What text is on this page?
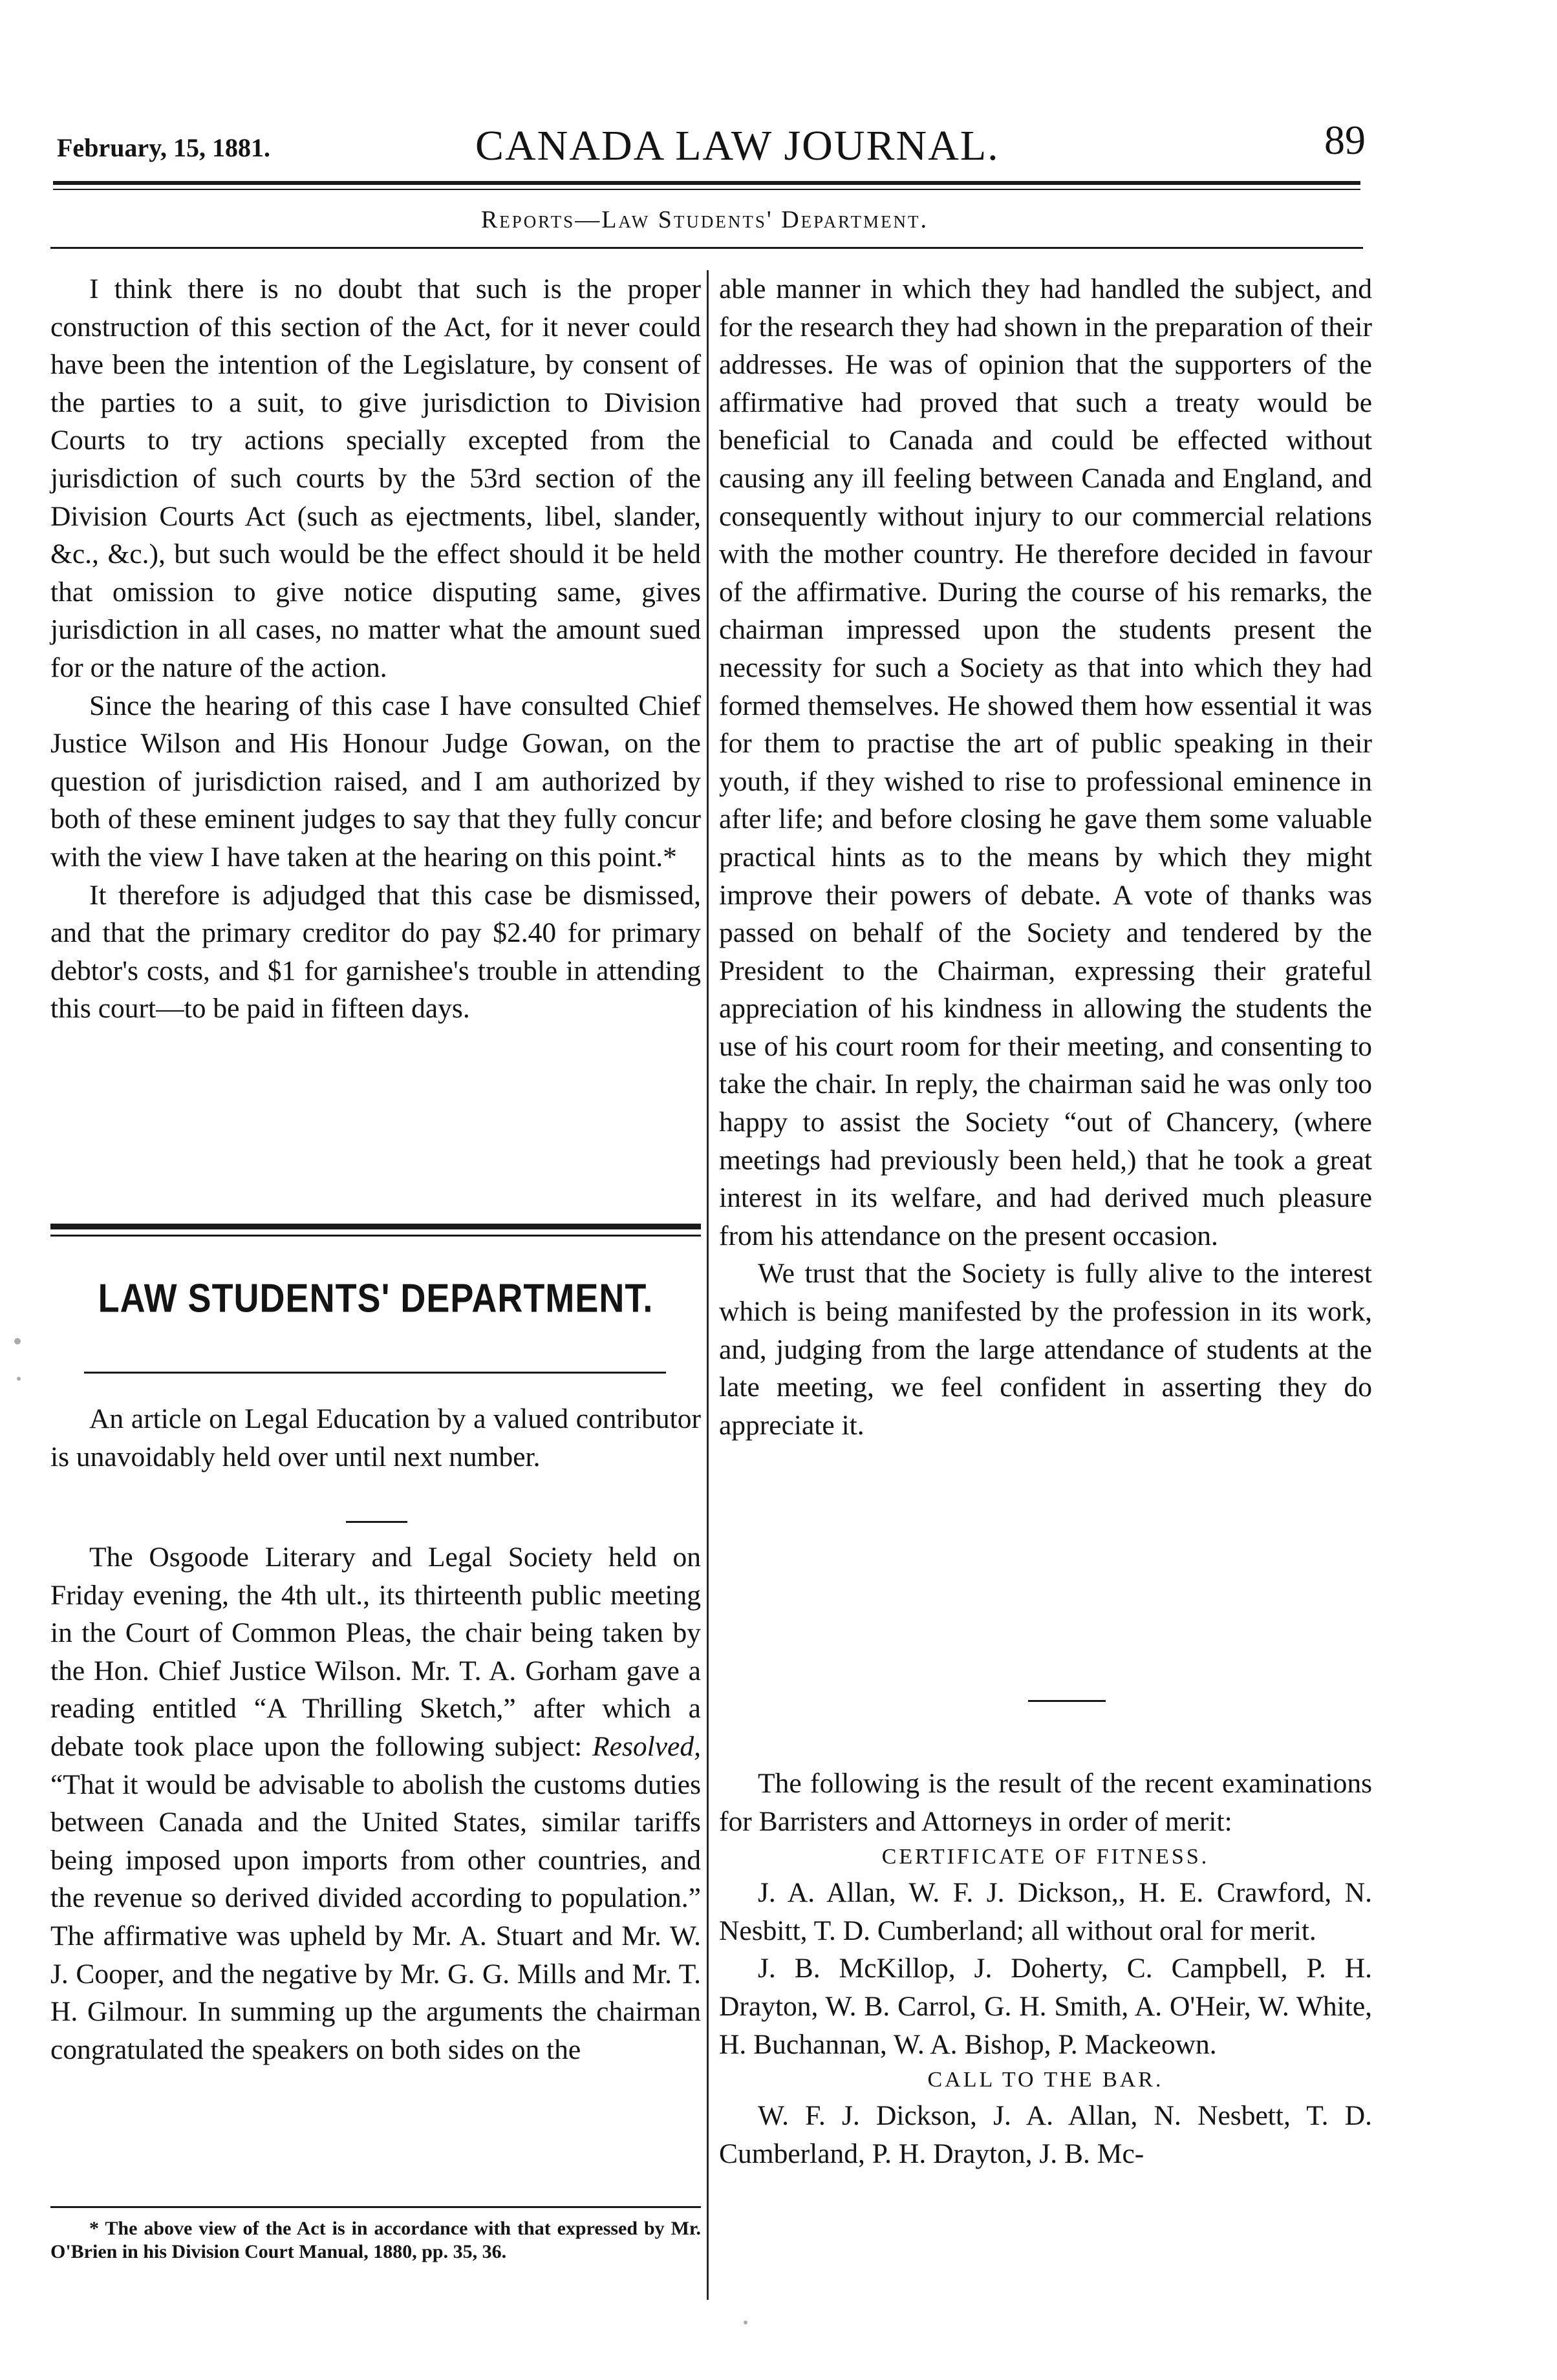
February, 15, 1881.	CANADA LAW JOURNAL.	89
Reports—Law Students' Department.

I think there is no doubt that such is the proper construction of this section of the Act, for it never could have been the intention of the Legislature, by consent of the parties to a suit, to give jurisdiction to Division Courts to try actions specially excepted from the jurisdiction of such courts by the 53rd section of the Division Courts Act (such as ejectments, libel, slander, &c., &c.), but such would be the effect should it be held that omission to give notice disputing same, gives jurisdiction in all cases, no matter what the amount sued for or the nature of the action.

Since the hearing of this case I have consulted Chief Justice Wilson and His Honour Judge Gowan, on the question of jurisdiction raised, and I am authorized by both of these eminent judges to say that they fully concur with the view I have taken at the hearing on this point.*

It therefore is adjudged that this case be dismissed, and that the primary creditor do pay $2.40 for primary debtor's costs, and $1 for garnishee's trouble in attending this court—to be paid in fifteen days.

LAW STUDENTS' DEPARTMENT.

An article on Legal Education by a valued contributor is unavoidably held over until next number.

The Osgoode Literary and Legal Society held on Friday evening, the 4th ult., its thirteenth public meeting in the Court of Common Pleas, the chair being taken by the Hon. Chief Justice Wilson. Mr. T. A. Gorham gave a reading entitled “A Thrilling Sketch,” after which a debate took place upon the following subject: Resolved, “That it would be advisable to abolish the customs duties between Canada and the United States, similar tariffs being imposed upon imports from other countries, and the revenue so derived divided according to population.” The affirmative was upheld by Mr. A. Stuart and Mr. W. J. Cooper, and the negative by Mr. G. G. Mills and Mr. T. H. Gilmour. In summing up the arguments the chairman congratulated the speakers on both sides on the

* The above view of the Act is in accordance with that expressed by Mr. O'Brien in his Division Court Manual, 1880, pp. 35, 36.

able manner in which they had handled the subject, and for the research they had shown in the preparation of their addresses. He was of opinion that the supporters of the affirmative had proved that such a treaty would be beneficial to Canada and could be effected without causing any ill feeling between Canada and England, and consequently without injury to our commercial relations with the mother country. He therefore decided in favour of the affirmative. During the course of his remarks, the chairman impressed upon the students present the necessity for such a Society as that into which they had formed themselves. He showed them how essential it was for them to practise the art of public speaking in their youth, if they wished to rise to professional eminence in after life; and before closing he gave them some valuable practical hints as to the means by which they might improve their powers of debate. A vote of thanks was passed on behalf of the Society and tendered by the President to the Chairman, expressing their grateful appreciation of his kindness in allowing the students the use of his court room for their meeting, and consenting to take the chair. In reply, the chairman said he was only too happy to assist the Society “out of Chancery, (where meetings had previously been held,) that he took a great interest in its welfare, and had derived much pleasure from his attendance on the present occasion.

We trust that the Society is fully alive to the interest which is being manifested by the profession in its work, and, judging from the large attendance of students at the late meeting, we feel confident in asserting they do appreciate it.

The following is the result of the recent examinations for Barristers and Attorneys in order of merit:

CERTIFICATE OF FITNESS.

J. A. Allan, W. F. J. Dickson,, H. E. Crawford, N. Nesbitt, T. D. Cumberland; all without oral for merit.

J. B. McKillop, J. Doherty, C. Campbell, P. H. Drayton, W. B. Carrol, G. H. Smith, A. O'Heir, W. White, H. Buchannan, W. A. Bishop, P. Mackeown.

CALL TO THE BAR.

W. F. J. Dickson, J. A. Allan, N. Nesbett, T. D. Cumberland, P. H. Drayton, J. B. Mc-
